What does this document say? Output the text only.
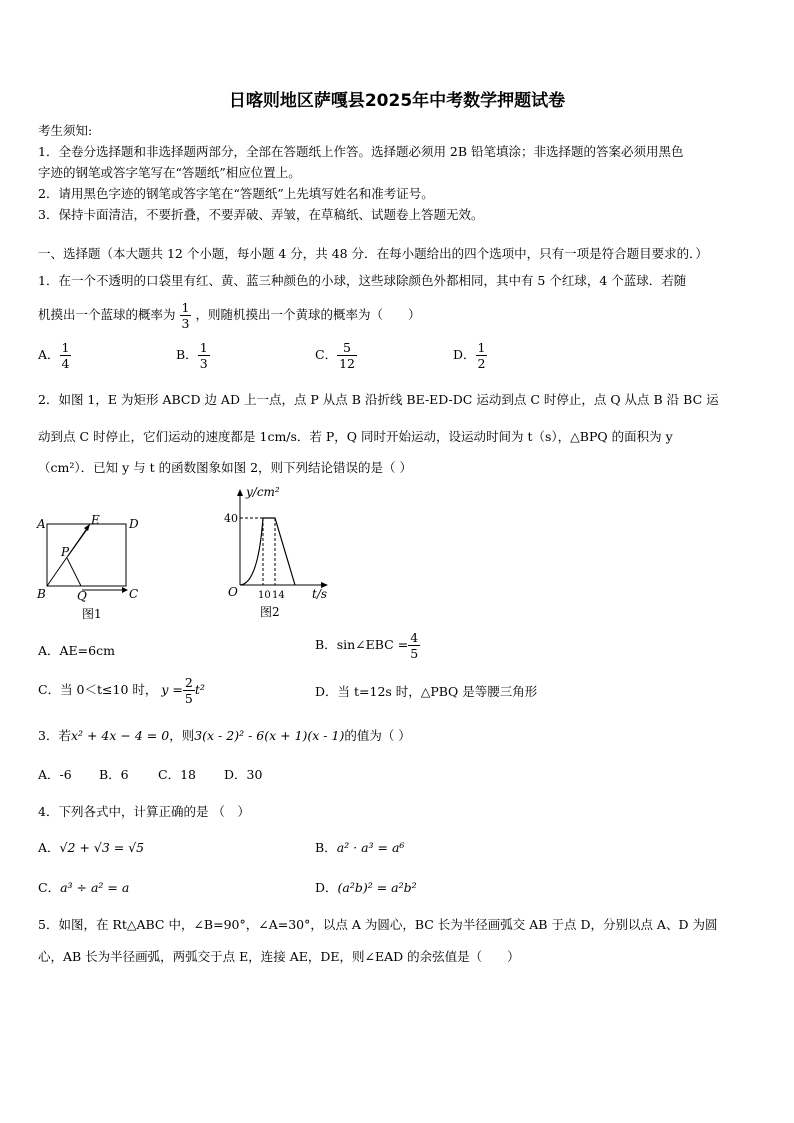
日喀则地区萨嘎县2025年中考数学押题试卷
考生须知:
1．全卷分选择题和非选择题两部分，全部在答题纸上作答。选择题必须用 2B 铅笔填涂；非选择题的答案必须用黑色
字迹的钢笔或答字笔写在“答题纸”相应位置上。
2．请用黑色字迹的钢笔或答字笔在“答题纸”上先填写姓名和准考证号。
3．保持卡面清洁，不要折叠，不要弄破、弄皱，在草稿纸、试题卷上答题无效。
一、选择题（本大题共 12 个小题，每小题 4 分，共 48 分．在每小题给出的四个选项中，只有一项是符合题目要求的．）
1．在一个不透明的口袋里有红、黄、蓝三种颜色的小球，这些球除颜色外都相同，其中有 5 个红球，4 个蓝球．若随
机摸出一个蓝球的概率为 $\frac{1}{3}$ ，则随机摸出一个黄球的概率为（　　）
A． $\frac{1}{4}$	B． $\frac{1}{3}$	C． $\frac{5}{12}$	D． $\frac{1}{2}$
2．如图 1，E 为矩形 ABCD 边 AD 上一点，点 P 从点 B 沿折线 BE-ED-DC 运动到点 C 时停止，点 Q 从点 B 沿 BC 运
动到点 C 时停止，它们运动的速度都是 1cm/s．若 P，Q 同时开始运动，设运动时间为 t（s），△BPQ 的面积为 y
（cm²）．已知 y 与 t 的函数图象如图 2，则下列结论错误的是（ ）
A	E D
P
B	Q	C
图1
y/cm²
40
O 10 14 t/s
图2
A．AE=6cm	B．sin∠EBC = $\frac{4}{5}$
C．当 0＜t≤10 时， $y = \frac{2}{5} t^2$	D．当 t=12s 时，△PBQ 是等腰三角形
3．若x² + 4x − 4 = 0，则3(x - 2)² - 6(x + 1)(x - 1)的值为（ ）
A．-6 B．6 C．18 D．30
4．下列各式中，计算正确的是 （　）
A．√2 + √3 = √5	B．a² · a³ = a⁶
C．a³ ÷ a² = a	D．(a²b)² = a²b²
5．如图，在 Rt△ABC 中，∠B=90°，∠A=30°，以点 A 为圆心，BC 长为半径画弧交 AB 于点 D，分别以点 A、D 为圆
心，AB 长为半径画弧，两弧交于点 E，连接 AE，DE，则∠EAD 的余弦值是（　　）
